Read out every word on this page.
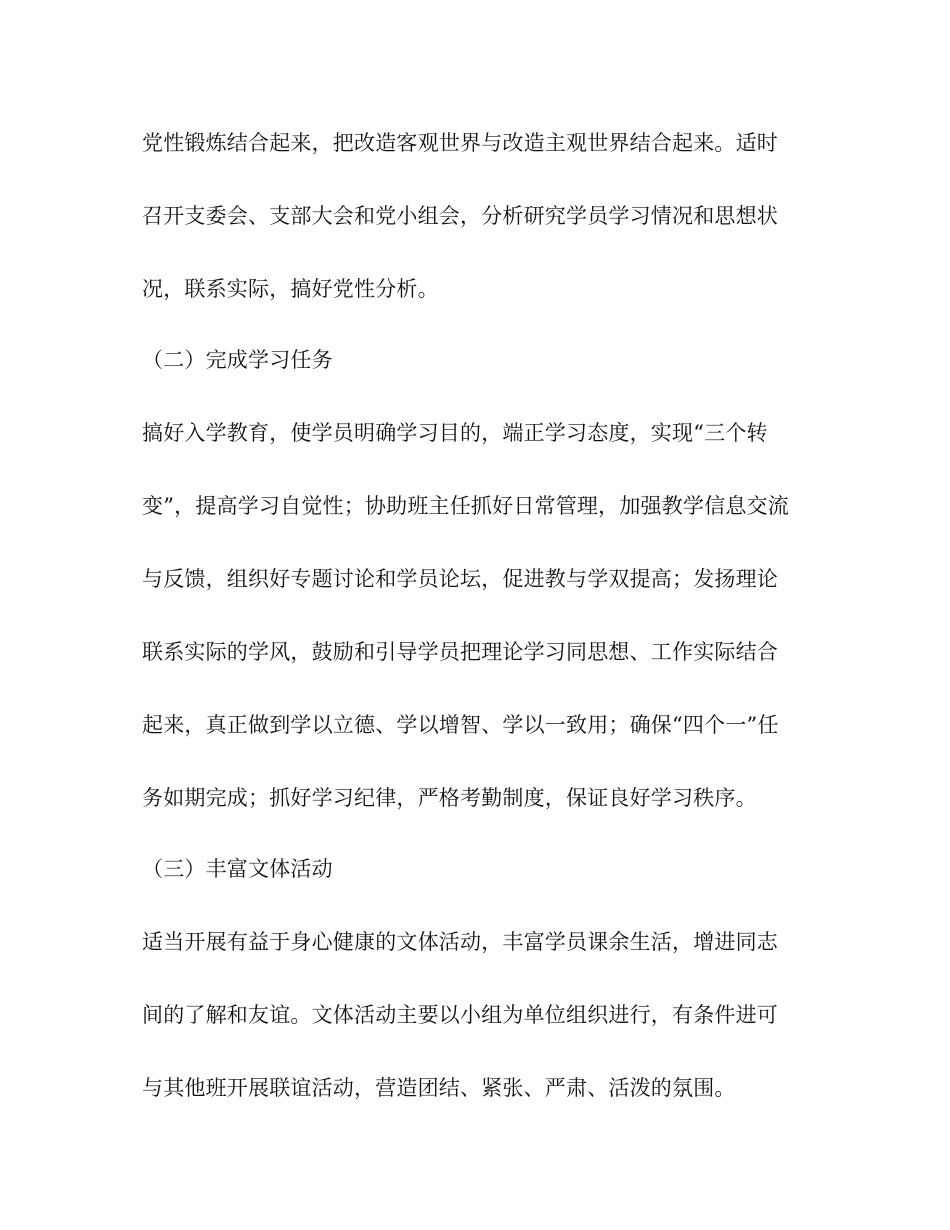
党性锻炼结合起来，把改造客观世界与改造主观世界结合起来。适时
召开支委会、支部大会和党小组会，分析研究学员学习情况和思想状
况，联系实际，搞好党性分析。
（二）完成学习任务
搞好入学教育，使学员明确学习目的，端正学习态度，实现“三个转
变”，提高学习自觉性；协助班主任抓好日常管理，加强教学信息交流
与反馈，组织好专题讨论和学员论坛，促进教与学双提高；发扬理论
联系实际的学风，鼓励和引导学员把理论学习同思想、工作实际结合
起来，真正做到学以立德、学以增智、学以一致用；确保“四个一”任
务如期完成；抓好学习纪律，严格考勤制度，保证良好学习秩序。
（三）丰富文体活动
适当开展有益于身心健康的文体活动，丰富学员课余生活，增进同志
间的了解和友谊。文体活动主要以小组为单位组织进行，有条件进可
与其他班开展联谊活动，营造团结、紧张、严肃、活泼的氛围。
